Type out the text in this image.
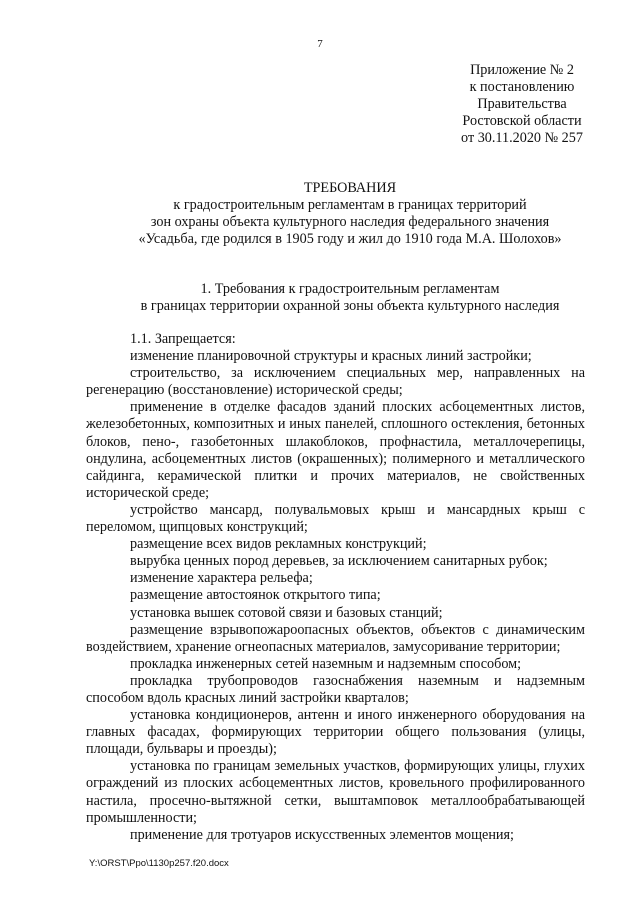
7
Приложение № 2
к постановлению
Правительства
Ростовской области
от 30.11.2020 № 257
ТРЕБОВАНИЯ
к градостроительным регламентам в границах территорий
зон охраны объекта культурного наследия федерального значения
«Усадьба, где родился в 1905 году и жил до 1910 года М.А. Шолохов»
1. Требования к градостроительным регламентам
в границах территории охранной зоны объекта культурного наследия
1.1. Запрещается:
изменение планировочной структуры и красных линий застройки;
строительство, за исключением специальных мер, направленных на регенерацию (восстановление) исторической среды;
применение в отделке фасадов зданий плоских асбоцементных листов, железобетонных, композитных и иных панелей, сплошного остекления, бетонных блоков, пено-, газобетонных шлакоблоков, профнастила, металлочерепицы, ондулина, асбоцементных листов (окрашенных); полимерного и металлического сайдинга, керамической плитки и прочих материалов, не свойственных исторической среде;
устройство мансард, полувальмовых крыш и мансардных крыш с переломом, щипцовых конструкций;
размещение всех видов рекламных конструкций;
вырубка ценных пород деревьев, за исключением санитарных рубок;
изменение характера рельефа;
размещение автостоянок открытого типа;
установка вышек сотовой связи и базовых станций;
размещение взрывопожароопасных объектов, объектов с динамическим воздействием, хранение огнеопасных материалов, замусоривание территории;
прокладка инженерных сетей наземным и надземным способом;
прокладка трубопроводов газоснабжения наземным и надземным способом вдоль красных линий застройки кварталов;
установка кондиционеров, антенн и иного инженерного оборудования на главных фасадах, формирующих территории общего пользования (улицы, площади, бульвары и проезды);
установка по границам земельных участков, формирующих улицы, глухих ограждений из плоских асбоцементных листов, кровельного профилированного настила, просечно-вытяжной сетки, выштамповок металлообрабатывающей промышленности;
применение для тротуаров искусственных элементов мощения;
Y:\ORST\Ppo\1130p257.f20.docx
